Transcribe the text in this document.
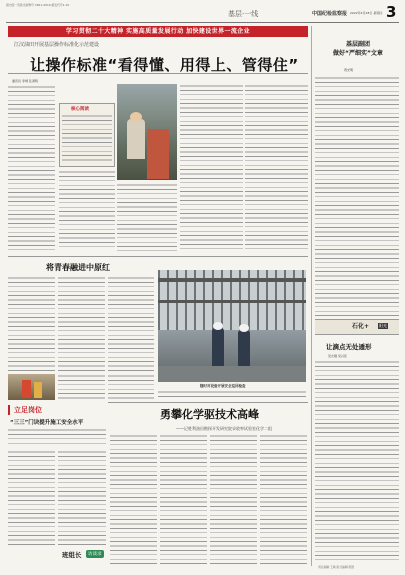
国内统一连续出版物号 CN11-0019 邮发代号1-19
基层·一线	中国纪检监察报 2022年4月28日 星期四 3
学习贯彻二十大精神 实施高质量发展行动 加快建设世界一流企业
江汉油田开展基层操作标准化示范建设
让操作标准“看得懂、用得上、管得住”
通讯员 李靖 张清明
核心阅读
基层副团
做好“严细实”文章
贾光明
石化+ 阳光
让滴点无处遁形
吴志刚 吴兴佳
将青春融进中原红
随时对设备开展安全巡回检查
勇攀化学驱技术高峰
——记胜利油田勘探开发研究院采收率试验室化学二组
立足岗位
“三三”门诀提升施工安全水平
班组长	访谈录
责任编辑 王敏 版式编辑 陈凯
